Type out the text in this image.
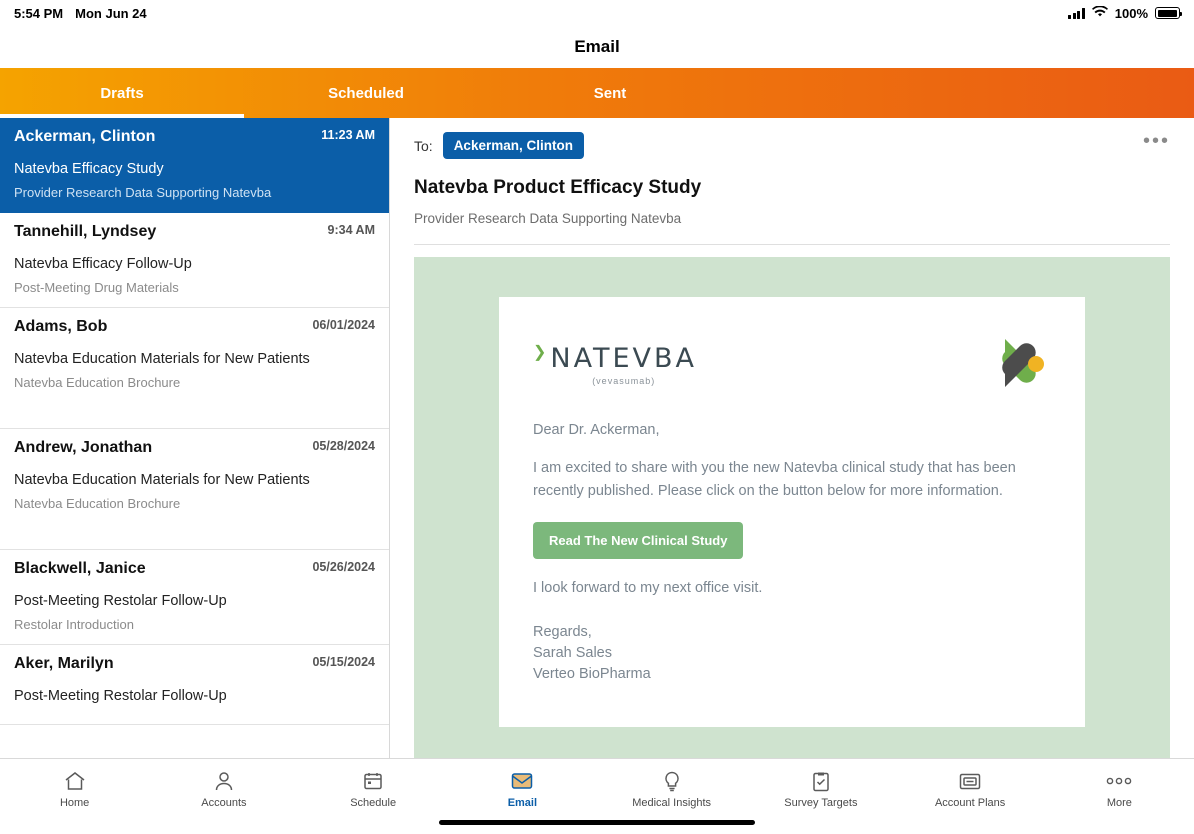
5:54 PM Mon Jun 24	100%
Email
Drafts	Scheduled	Sent
11:23 AM
Ackerman, Clinton
Natevba Efficacy Study
Provider Research Data Supporting Natevba
9:34 AM
Tannehill, Lyndsey
Natevba Efficacy Follow-Up
Post-Meeting Drug Materials
06/01/2024
Adams, Bob
Natevba Education Materials for New Patients
Natevba Education Brochure
05/28/2024
Andrew, Jonathan
Natevba Education Materials for New Patients
Natevba Education Brochure
05/26/2024
Blackwell, Janice
Post-Meeting Restolar Follow-Up
Restolar Introduction
05/15/2024
Aker, Marilyn
Post-Meeting Restolar Follow-Up
To:	Ackerman, Clinton	•••
Natevba Product Efficacy Study
Provider Research Data Supporting Natevba
❯ NATEVBA
(vevasumab)

Dear Dr. Ackerman,

I am excited to share with you the new Natevba clinical study that has been recently published. Please click on the button below for more information.

Read The New Clinical Study

I look forward to my next office visit.

Regards,
Sarah Sales
Verteo BioPharma
Home	Accounts	Schedule	Email	Medical Insights	Survey Targets	Account Plans	More
